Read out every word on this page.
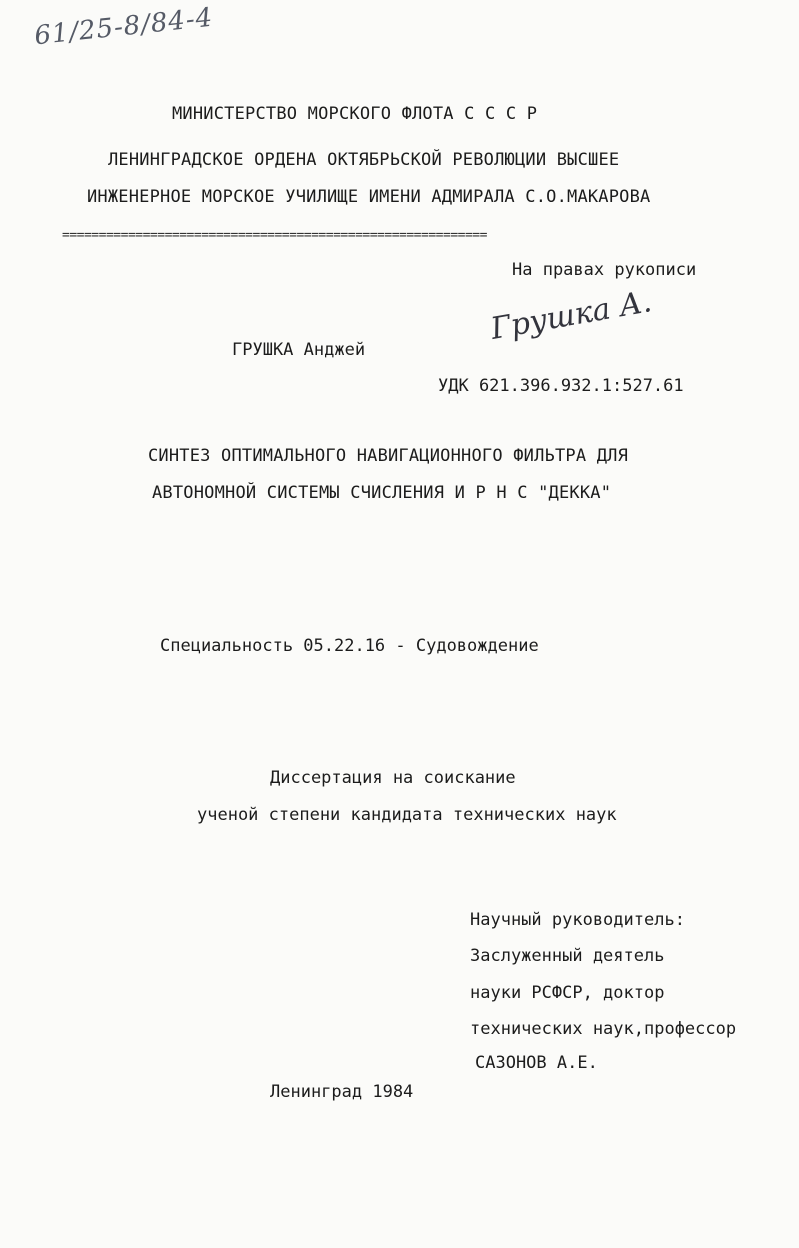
61/25-8/84-4
МИНИСТЕРСТВО МОРСКОГО ФЛОТА С С С Р
ЛЕНИНГРАДСКОЕ ОРДЕНА ОКТЯБРЬСКОЙ РЕВОЛЮЦИИ ВЫСШЕЕ
ИНЖЕНЕРНОЕ МОРСКОЕ УЧИЛИЩЕ ИМЕНИ АДМИРАЛА С.О.МАКАРОВА
==========================================================
На правах рукописи
Грушка А.
ГРУШКА Анджей
УДК 621.396.932.1:527.61
СИНТЕЗ ОПТИМАЛЬНОГО НАВИГАЦИОННОГО ФИЛЬТРА ДЛЯ
АВТОНОМНОЙ СИСТЕМЫ СЧИСЛЕНИЯ И Р Н С "ДЕККА"
Специальность 05.22.16 - Судовождение
Диссертация на соискание
ученой степени кандидата технических наук
Научный руководитель:
Заслуженный деятель
науки РСФСР, доктор
технических наук,профессор
САЗОНОВ А.Е.
Ленинград 1984
